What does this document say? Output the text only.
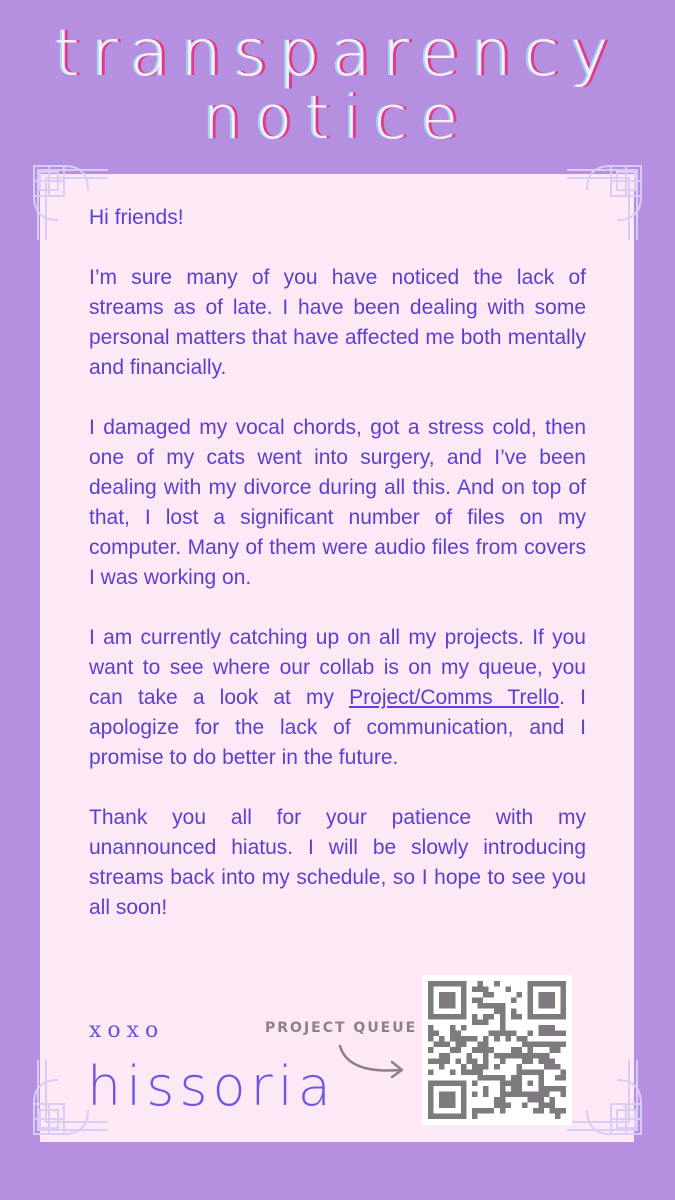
transparency
notice

Hi friends!

I’m sure many of you have noticed the lack of streams as of late. I have been dealing with some personal matters that have affected me both mentally and financially.

I damaged my vocal chords, got a stress cold, then one of my cats went into surgery, and I’ve been dealing with my divorce during all this. And on top of that, I lost a significant number of files on my computer. Many of them were audio files from covers I was working on.

I am currently catching up on all my projects. If you want to see where our collab is on my queue, you can take a look at my Project/Comms Trello. I apologize for the lack of communication, and I promise to do better in the future.

Thank you all for your patience with my unannounced hiatus. I will be slowly introducing streams back into my schedule, so I hope to see you all soon!

xoxo
hissoria
PROJECT QUEUE
